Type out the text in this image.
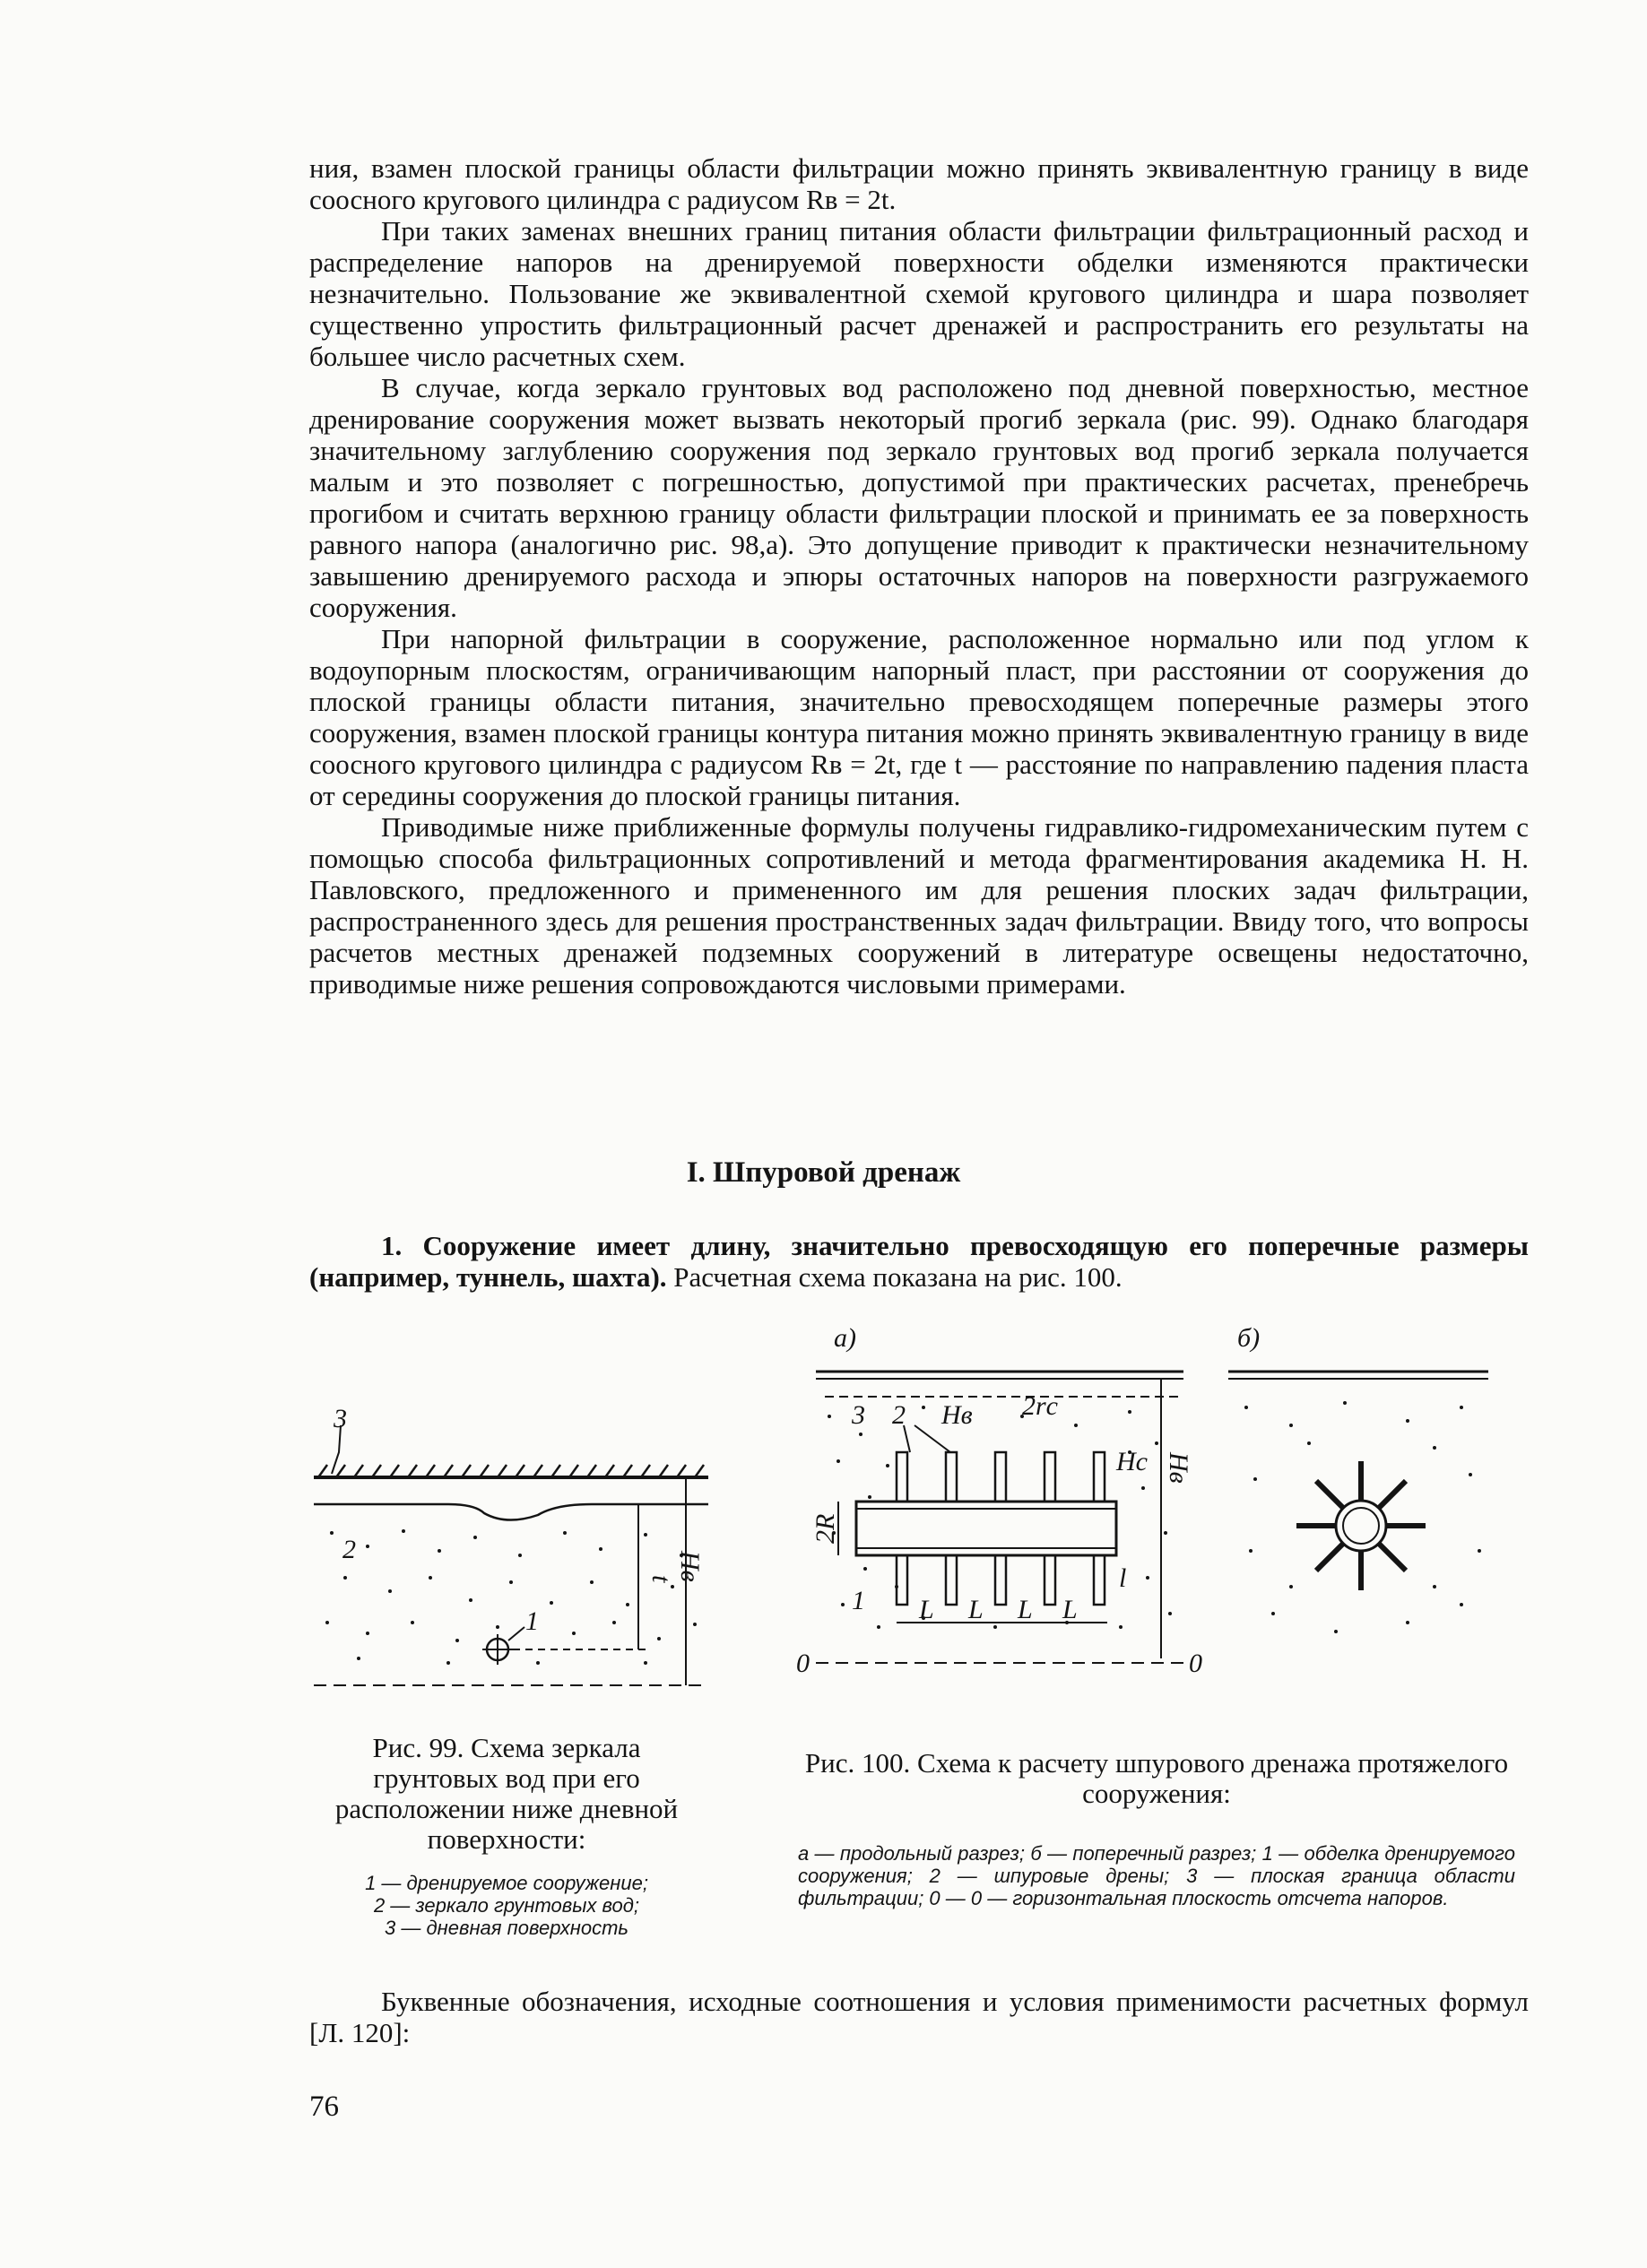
ния, взамен плоской границы области фильтрации можно принять эквивалентную границу в виде соосного кругового цилиндра с радиусом Rв = 2t.

При таких заменах внешних границ питания области фильтрации фильтрационный расход и распределение напоров на дренируемой поверхности обделки изменяются практически незначительно. Пользование же эквивалентной схемой кругового цилиндра и шара позволяет существенно упростить фильтрационный расчет дренажей и распространить его результаты на большее число расчетных схем.

В случае, когда зеркало грунтовых вод расположено под дневной поверхностью, местное дренирование сооружения может вызвать некоторый прогиб зеркала (рис. 99). Однако благодаря значительному заглублению сооружения под зеркало грунтовых вод прогиб зеркала получается малым и это позволяет с погрешностью, допустимой при практических расчетах, пренебречь прогибом и считать верхнюю границу области фильтрации плоской и принимать ее за поверхность равного напора (аналогично рис. 98,а). Это допущение приводит к практически незначительному завышению дренируемого расхода и эпюры остаточных напоров на поверхности разгружаемого сооружения.

При напорной фильтрации в сооружение, расположенное нормально или под углом к водоупорным плоскостям, ограничивающим напорный пласт, при расстоянии от сооружения до плоской границы области питания, значительно превосходящем поперечные размеры этого сооружения, взамен плоской границы контура питания можно принять эквивалентную границу в виде соосного кругового цилиндра с радиусом Rв = 2t, где t — расстояние по направлению падения пласта от середины сооружения до плоской границы питания.

Приводимые ниже приближенные формулы получены гидравлико-гидромеханическим путем с помощью способа фильтрационных сопротивлений и метода фрагментирования академика Н. Н. Павловского, предложенного и примененного им для решения плоских задач фильтрации, распространенного здесь для решения пространственных задач фильтрации. Ввиду того, что вопросы расчетов местных дренажей подземных сооружений в литературе освещены недостаточно, приводимые ниже решения сопровождаются числовыми примерами.

I. Шпуровой дренаж

1. Сооружение имеет длину, значительно превосходящую его поперечные размеры (например, туннель, шахта). Расчетная схема показана на рис. 100.

3
2
1
t Hв
Рис. 99. Схема зеркала грунтовых вод при его расположении ниже дневной поверхности:
1 — дренируемое сооружение;
2 — зеркало грунтовых вод;
3 — дневная поверхность
а)
3 2 Hв 2rс
Hс Hв
2R
1
l
L L L L
0	0
б)
Рис. 100. Схема к расчету шпурового дренажа протяжелого сооружения:
а — продольный разрез; б — поперечный разрез; 1 — обделка дренируемого сооружения; 2 — шпуровые дрены; 3 — плоская граница области фильтрации; 0 — 0 — горизонтальная плоскость отсчета напоров.

Буквенные обозначения, исходные соотношения и условия применимости расчетных формул [Л. 120]:

76
